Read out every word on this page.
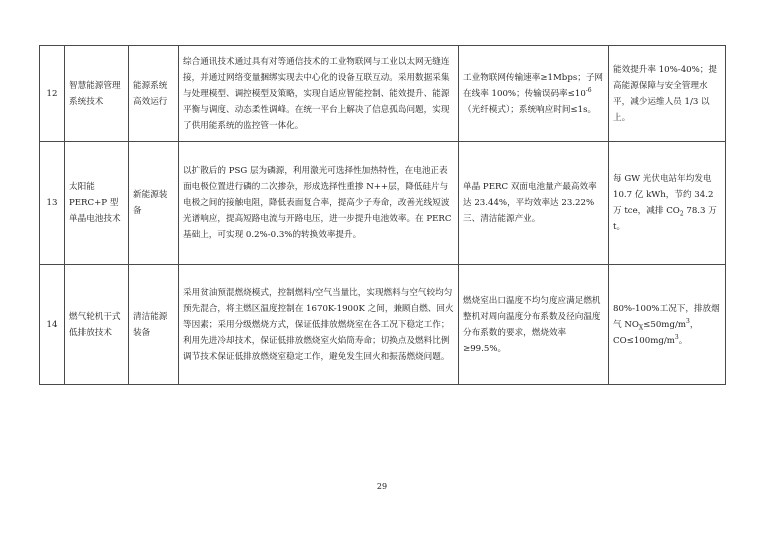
12	智慧能源管理系统技术	能源系统高效运行	综合通讯技术通过具有对等通信技术的工业物联网与工业以太网无缝连接，并通过网络变量捆绑实现去中心化的设备互联互动。采用数据采集与处理模型、调控模型及策略，实现自适应智能控制、能效提升、能源平衡与调度、动态柔性调峰。在统一平台上解决了信息孤岛问题，实现了供用能系统的监控管一体化。	工业物联网传输速率≥1Mbps；子网在线率 100%；传输误码率$\le 10^{-6}$（光纤模式）；系统响应时间≤1s。	能效提升率 10%-40%；提高能源保障与安全管理水平，减少运维人员 1/3 以上。
13	太阳能 PERC+P 型单晶电池技术	新能源装备	以扩散后的 PSG 层为磷源，利用激光可选择性加热特性，在电池正表面电极位置进行磷的二次掺杂，形成选择性重掺 N++层，降低硅片与电极之间的接触电阻，降低表面复合率，提高少子寿命，改善光线短波光谱响应，提高短路电流与开路电压，进一步提升电池效率。在 PERC 基础上，可实现 0.2%-0.3%的转换效率提升。	单晶 PERC 双面电池量产最高效率达 23.44%，平均效率达 23.22%三、清洁能源产业。	每 GW 光伏电站年均发电 10.7 亿 kWh，节约 34.2 万 tce，减排 $CO_2$ 78.3 万 t。
14	燃气轮机干式低排放技术	清洁能源装备	采用贫油预混燃烧模式，控制燃料/空气当量比，实现燃料与空气较均匀预先混合，将主燃区温度控制在 1670K-1900K 之间，兼顾自燃、回火等因素；采用分级燃烧方式，保证低排放燃烧室在各工况下稳定工作；利用先进冷却技术，保证低排放燃烧室火焰筒寿命；切换点及燃料比例调节技术保证低排放燃烧室稳定工作，避免发生回火和振荡燃烧问题。	燃烧室出口温度不均匀度应满足燃机整机对周向温度分布系数及径向温度分布系数的要求，燃烧效率≥99.5%。	80%-100%工况下，排放烟气 $NO_X\le 50mg/m^3$，$CO\le 100mg/m^3$。
29
